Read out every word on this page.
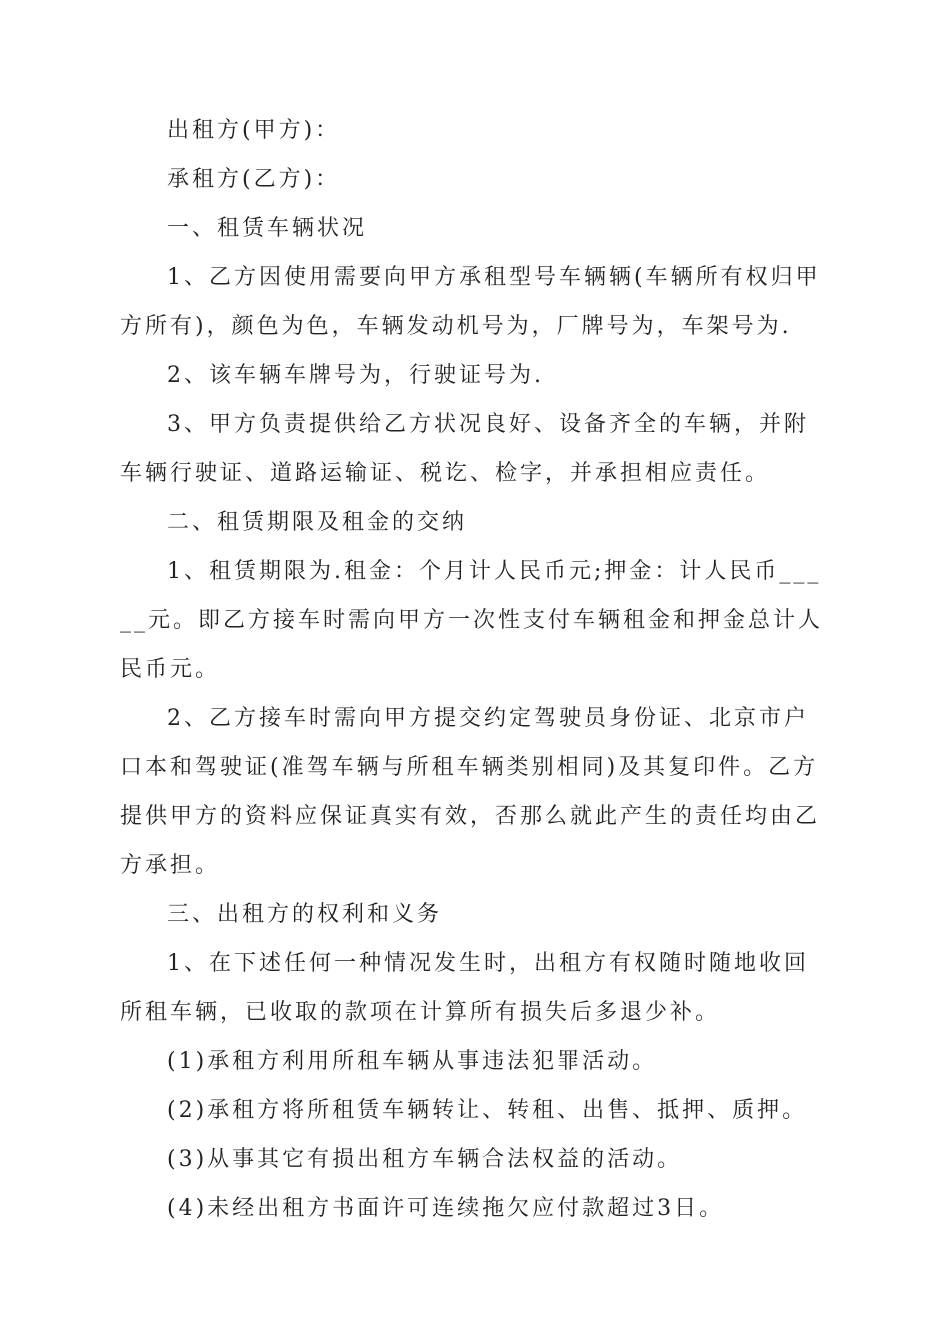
出租方(甲方)：

承租方(乙方)：

一、租赁车辆状况

1、乙方因使用需要向甲方承租型号车辆辆(车辆所有权归甲方所有)，颜色为色，车辆发动机号为，厂牌号为，车架号为.

2、该车辆车牌号为，行驶证号为.

3、甲方负责提供给乙方状况良好、设备齐全的车辆，并附车辆行驶证、道路运输证、税讫、检字，并承担相应责任。

二、租赁期限及租金的交纳

1、租赁期限为.租金：个月计人民币元;押金：计人民币_____元。即乙方接车时需向甲方一次性支付车辆租金和押金总计人民币元。

2、乙方接车时需向甲方提交约定驾驶员身份证、北京市户口本和驾驶证(准驾车辆与所租车辆类别相同)及其复印件。乙方提供甲方的资料应保证真实有效，否那么就此产生的责任均由乙方承担。

三、出租方的权利和义务

1、在下述任何一种情况发生时，出租方有权随时随地收回所租车辆，已收取的款项在计算所有损失后多退少补。

(1)承租方利用所租车辆从事违法犯罪活动。

(2)承租方将所租赁车辆转让、转租、出售、抵押、质押。

(3)从事其它有损出租方车辆合法权益的活动。

(4)未经出租方书面许可连续拖欠应付款超过3日。
